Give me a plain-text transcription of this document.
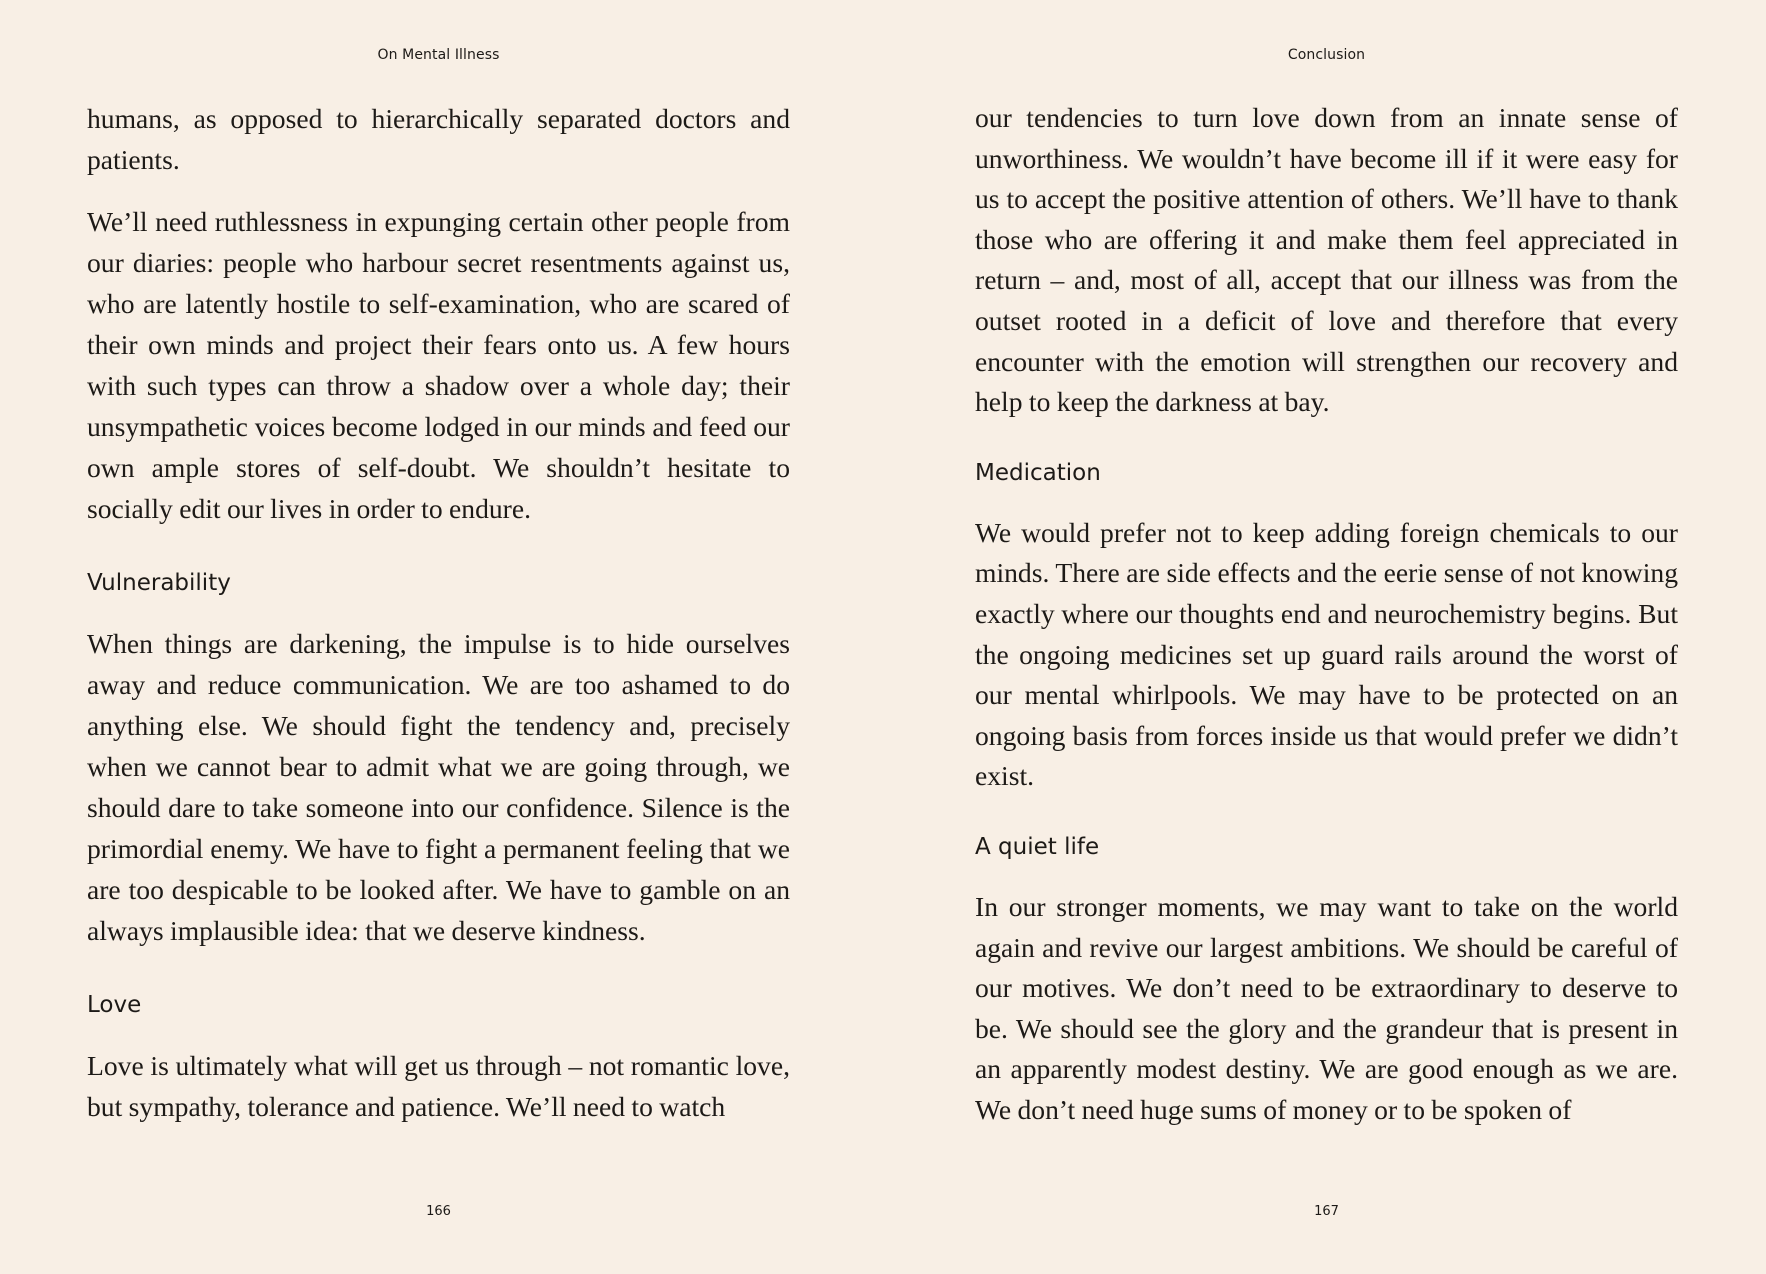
On Mental Illness

humans, as opposed to hierarchically separated doctors and patients.

We’ll need ruthlessness in expunging certain other people from our diaries: people who harbour secret resentments against us, who are latently hostile to self-examination, who are scared of their own minds and project their fears onto us. A few hours with such types can throw a shadow over a whole day; their unsympathetic voices become lodged in our minds and feed our own ample stores of self-doubt. We shouldn’t hesitate to socially edit our lives in order to endure.

Vulnerability

When things are darkening, the impulse is to hide ourselves away and reduce communication. We are too ashamed to do anything else. We should fight the tendency and, precisely when we cannot bear to admit what we are going through, we should dare to take someone into our confidence. Silence is the primordial enemy. We have to fight a permanent feeling that we are too despicable to be looked after. We have to gamble on an always implausible idea: that we deserve kindness.

Love

Love is ultimately what will get us through – not romantic love, but sympathy, tolerance and patience. We’ll need to watch

166
Conclusion

our tendencies to turn love down from an innate sense of unworthiness. We wouldn’t have become ill if it were easy for us to accept the positive attention of others. We’ll have to thank those who are offering it and make them feel appreciated in return – and, most of all, accept that our illness was from the outset rooted in a deficit of love and therefore that every encounter with the emotion will strengthen our recovery and help to keep the darkness at bay.

Medication

We would prefer not to keep adding foreign chemicals to our minds. There are side effects and the eerie sense of not knowing exactly where our thoughts end and neurochemistry begins. But the ongoing medicines set up guard rails around the worst of our mental whirlpools. We may have to be protected on an ongoing basis from forces inside us that would prefer we didn’t exist.

A quiet life

In our stronger moments, we may want to take on the world again and revive our largest ambitions. We should be careful of our motives. We don’t need to be extraordinary to deserve to be. We should see the glory and the grandeur that is present in an apparently modest destiny. We are good enough as we are. We don’t need huge sums of money or to be spoken of

167
